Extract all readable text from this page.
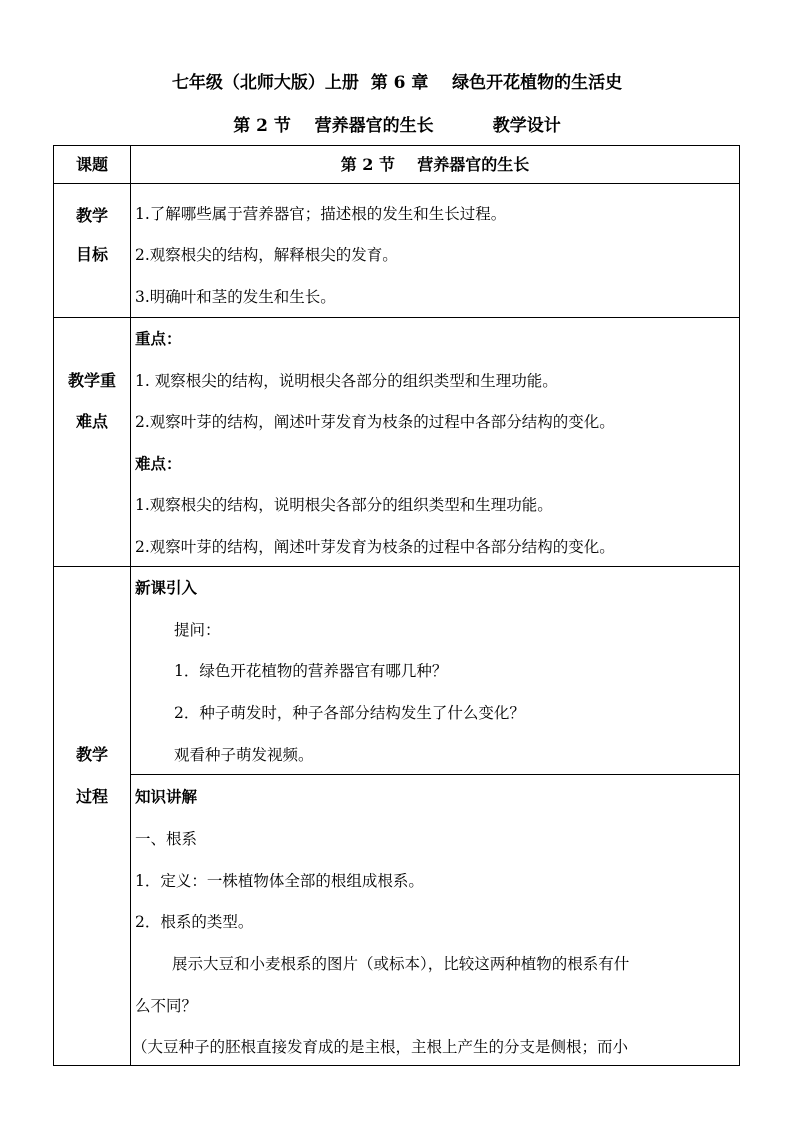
七年级（北师大版）上册  第 6 章    绿色开花植物的生活史
第 2 节    营养器官的生长          教学设计
课题	第 2 节    营养器官的生长
教学
目标
1.了解哪些属于营养器官；描述根的发生和生长过程。
2.观察根尖的结构，解释根尖的发育。
3.明确叶和茎的发生和生长。
教学重
难点
重点：
1. 观察根尖的结构，说明根尖各部分的组织类型和生理功能。
2.观察叶芽的结构，阐述叶芽发育为枝条的过程中各部分结构的变化。
难点：
1.观察根尖的结构，说明根尖各部分的组织类型和生理功能。
2.观察叶芽的结构，阐述叶芽发育为枝条的过程中各部分结构的变化。
教学
过程
新课引入
提问：
1．绿色开花植物的营养器官有哪几种？
2．种子萌发时，种子各部分结构发生了什么变化？
观看种子萌发视频。
知识讲解
一、根系
1．定义：一株植物体全部的根组成根系。
2．根系的类型。
展示大豆和小麦根系的图片（或标本），比较这两种植物的根系有什
么不同？
（大豆种子的胚根直接发育成的是主根，主根上产生的分支是侧根；而小
